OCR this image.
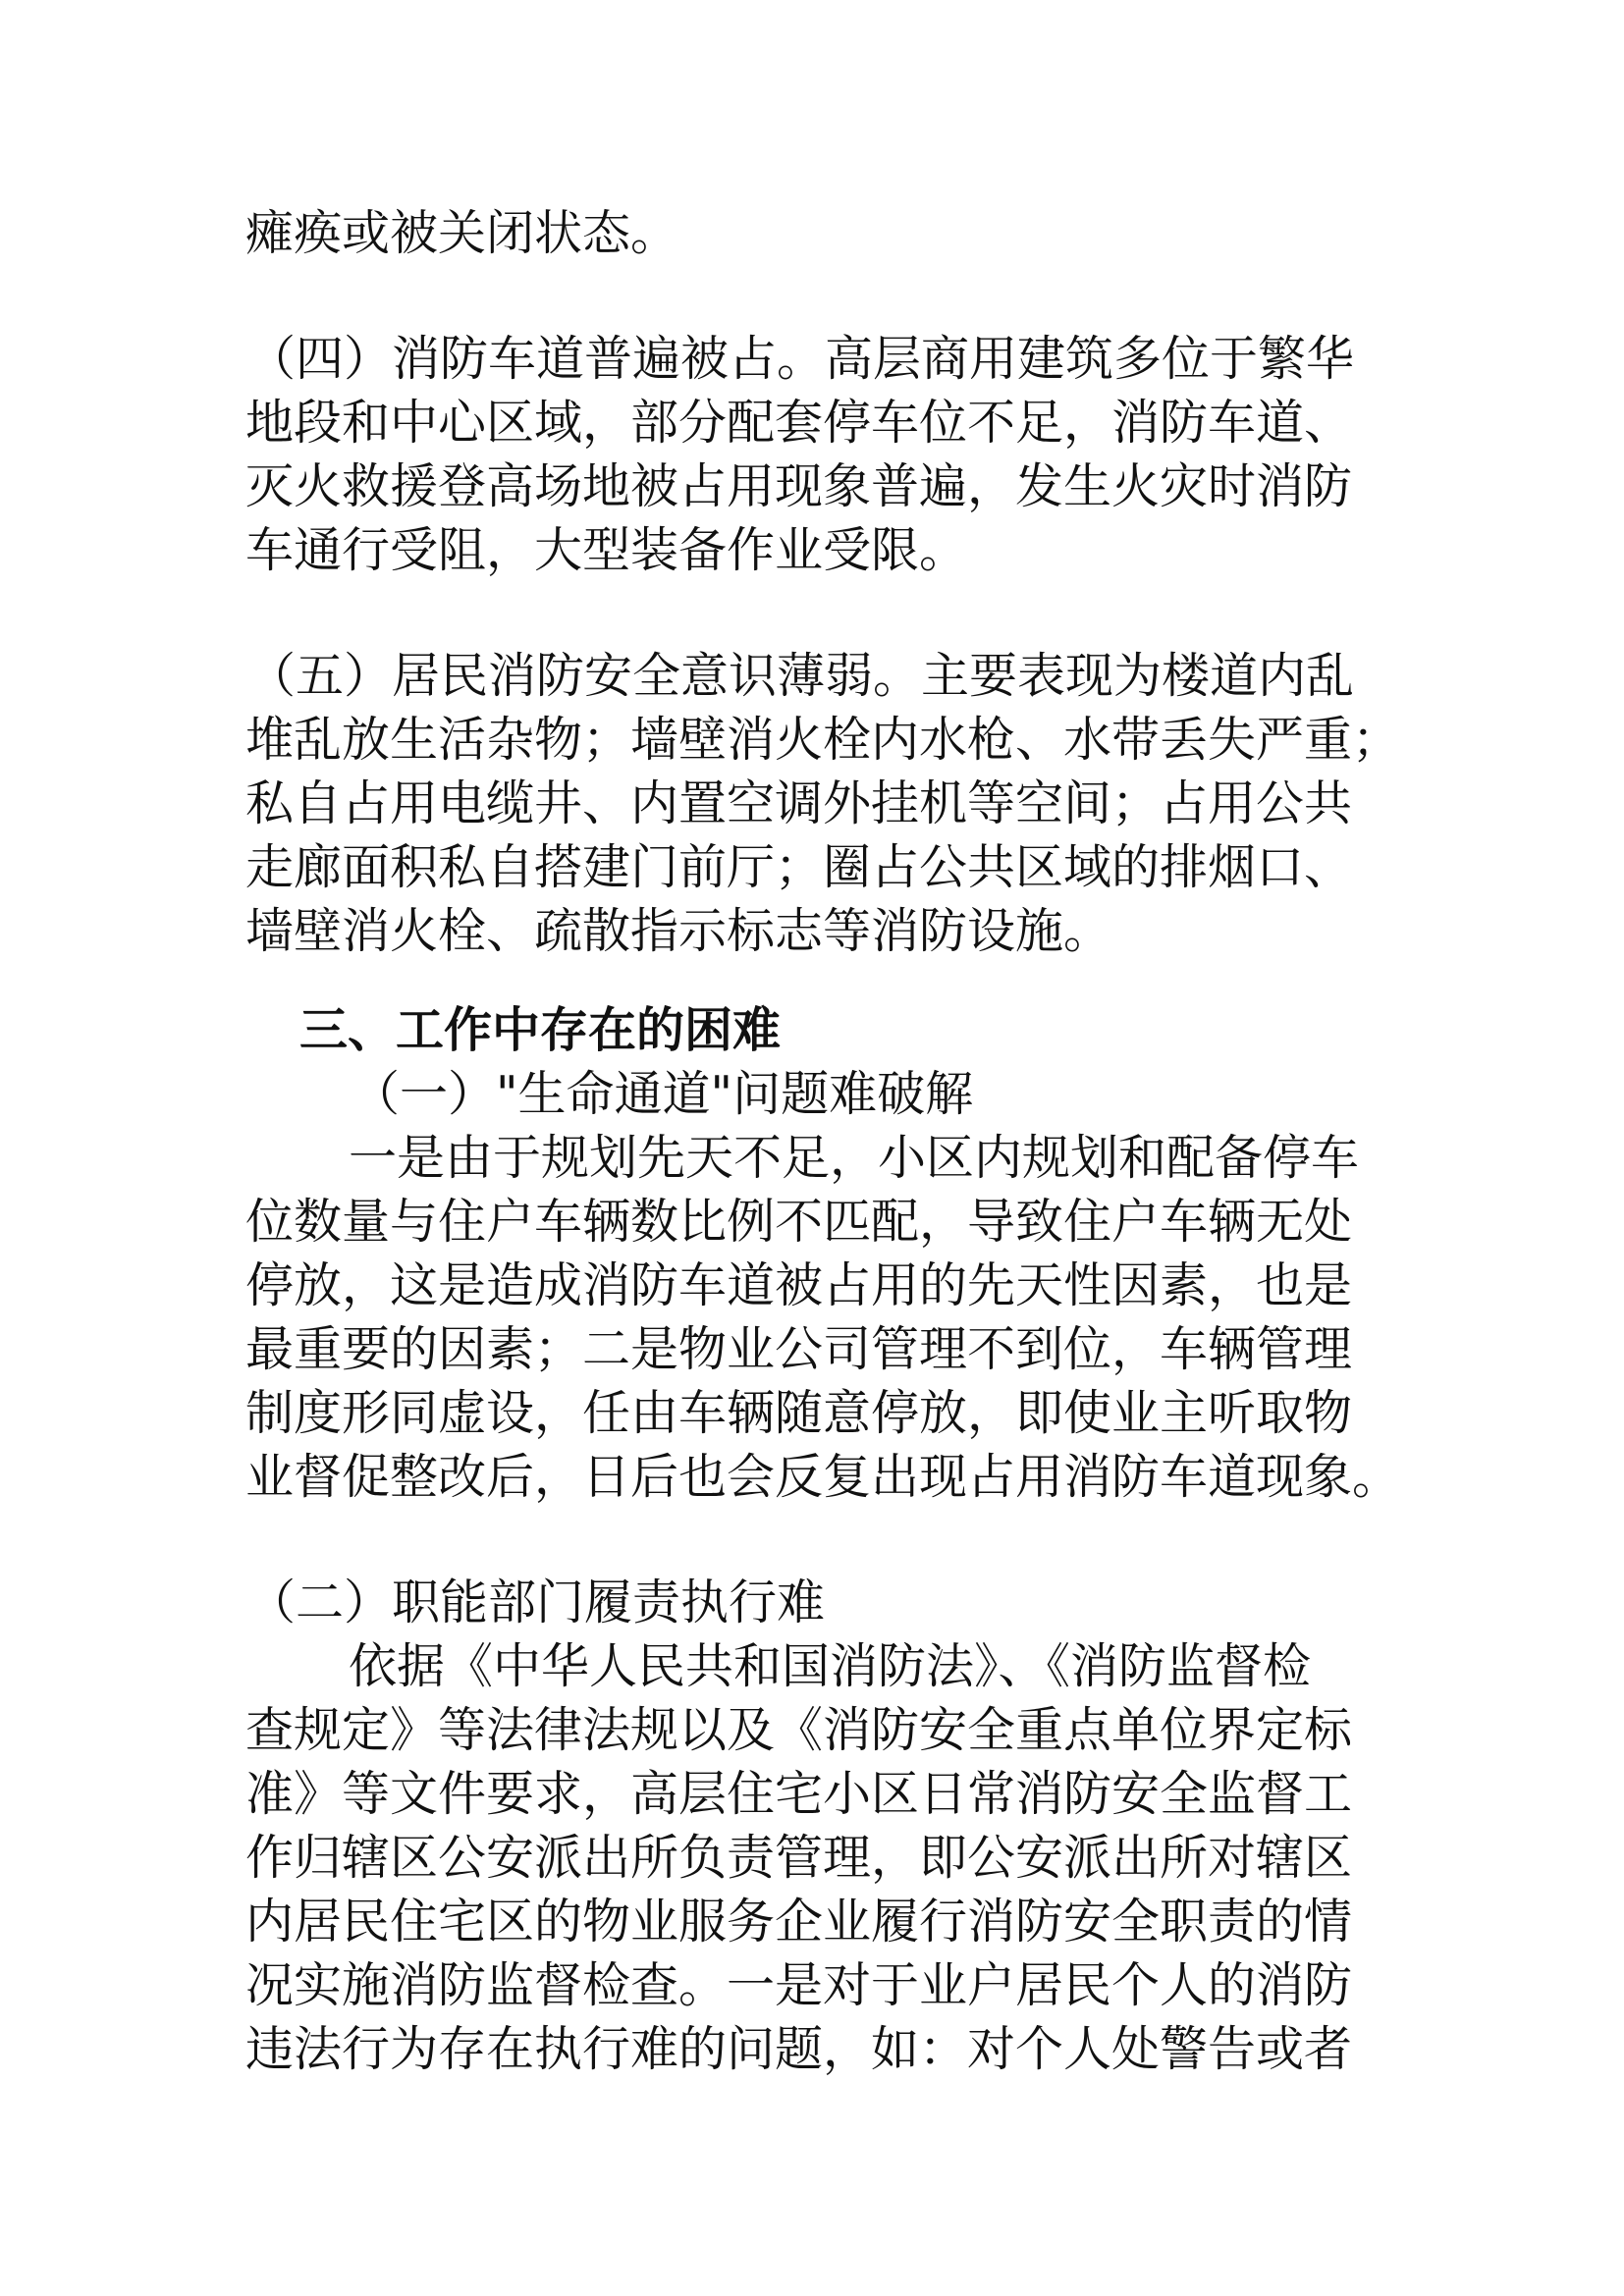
瘫痪或被关闭状态。

（四）消防车道普遍被占。高层商用建筑多位于繁华

地段和中心区域，部分配套停车位不足，消防车道、

灭火救援登高场地被占用现象普遍，发生火灾时消防

车通行受阻，大型装备作业受限。

（五）居民消防安全意识薄弱。主要表现为楼道内乱

堆乱放生活杂物；墙壁消火栓内水枪、水带丢失严重；

私自占用电缆井、内置空调外挂机等空间；占用公共

走廊面积私自搭建门前厅；圈占公共区域的排烟口、

墙壁消火栓、疏散指示标志等消防设施。

三、工作中存在的困难

（一）"生命通道"问题难破解

一是由于规划先天不足，小区内规划和配备停车

位数量与住户车辆数比例不匹配，导致住户车辆无处

停放，这是造成消防车道被占用的先天性因素，也是

最重要的因素；二是物业公司管理不到位，车辆管理

制度形同虚设，任由车辆随意停放，即使业主听取物

业督促整改后，日后也会反复出现占用消防车道现象。

（二）职能部门履责执行难

依据《中华人民共和国消防法》、《消防监督检

查规定》等法律法规以及《消防安全重点单位界定标

准》等文件要求，高层住宅小区日常消防安全监督工

作归辖区公安派出所负责管理，即公安派出所对辖区

内居民住宅区的物业服务企业履行消防安全职责的情

况实施消防监督检查。一是对于业户居民个人的消防

违法行为存在执行难的问题，如：对个人处警告或者
